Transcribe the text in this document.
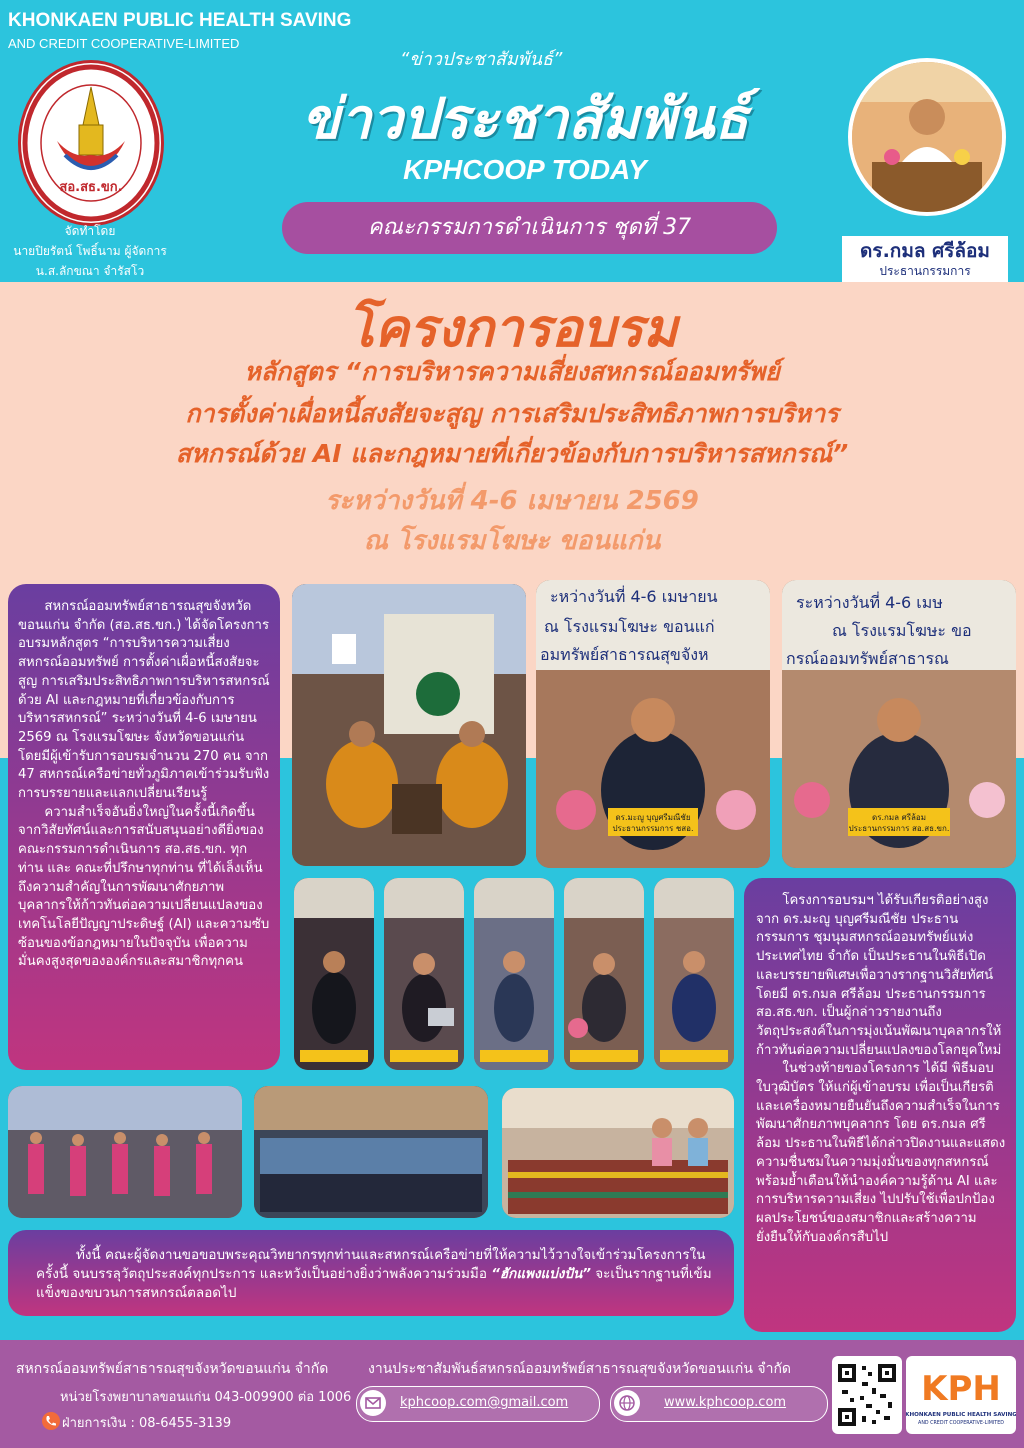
KHONKAEN PUBLIC HEALTH SAVING
AND CREDIT COOPERATIVE-LIMITED
สอ.สธ.ขก.
จัดทำโดย
นายปิยรัตน์ โพธิ์นาม ผู้จัดการ
น.ส.ลักขณา จำรัสโว
“ข่าวประชาสัมพันธ์”
ข่าวประชาสัมพันธ์
KPHCOOP TODAY
คณะกรรมการดำเนินการ ชุดที่ 37
ดร.กมล ศรีล้อม
ประธานกรรมการ
โครงการอบรม
หลักสูตร “การบริหารความเสี่ยงสหกรณ์ออมทรัพย์
การตั้งค่าเผื่อหนี้สงสัยจะสูญ การเสริมประสิทธิภาพการบริหาร
สหกรณ์ด้วย AI และกฎหมายที่เกี่ยวข้องกับการบริหารสหกรณ์”
ระหว่างวันที่ 4-6 เมษายน 2569
ณ โรงแรมโฆษะ ขอนแก่น

สหกรณ์ออมทรัพย์สาธารณสุขจังหวัดขอนแก่น จำกัด (สอ.สธ.ขก.) ได้จัดโครงการอบรมหลักสูตร “การบริหารความเสี่ยงสหกรณ์ออมทรัพย์ การตั้งค่าเผื่อหนี้สงสัยจะสูญ การเสริมประสิทธิภาพการบริหารสหกรณ์ด้วย AI และกฎหมายที่เกี่ยวข้องกับการบริหารสหกรณ์” ระหว่างวันที่ 4-6 เมษายน 2569 ณ โรงแรมโฆษะ จังหวัดขอนแก่น โดยมีผู้เข้ารับการอบรมจำนวน 270 คน จาก 47 สหกรณ์เครือข่ายทั่วภูมิภาคเข้าร่วมรับฟังการบรรยายและแลกเปลี่ยนเรียนรู้

ความสำเร็จอันยิ่งใหญ่ในครั้งนี้เกิดขึ้นจากวิสัยทัศน์และการสนับสนุนอย่างดียิ่งของ คณะกรรมการดำเนินการ สอ.สธ.ขก. ทุกท่าน และ คณะที่ปรึกษาทุกท่าน ที่ได้เล็งเห็นถึงความสำคัญในการพัฒนาศักยภาพบุคลากรให้ก้าวทันต่อความเปลี่ยนแปลงของเทคโนโลยีปัญญาประดิษฐ์ (AI) และความซับซ้อนของข้อกฎหมายในปัจจุบัน เพื่อความมั่นคงสูงสุดขององค์กรและสมาชิกทุกคน

โครงการอบรมฯ ได้รับเกียรติอย่างสูงจาก ดร.มะญู บุญศรีมณีชัย ประธานกรรมการ ชุมนุมสหกรณ์ออมทรัพย์แห่งประเทศไทย จำกัด เป็นประธานในพิธีเปิด และบรรยายพิเศษเพื่อวางรากฐานวิสัยทัศน์ โดยมี ดร.กมล ศรีล้อม ประธานกรรมการ สอ.สธ.ขก. เป็นผู้กล่าวรายงานถึงวัตถุประสงค์ในการมุ่งเน้นพัฒนาบุคลากรให้ก้าวทันต่อความเปลี่ยนแปลงของโลกยุคใหม่

ในช่วงท้ายของโครงการ ได้มี พิธีมอบใบวุฒิบัตร ให้แก่ผู้เข้าอบรม เพื่อเป็นเกียรติและเครื่องหมายยืนยันถึงความสำเร็จในการพัฒนาศักยภาพบุคลากร โดย ดร.กมล ศรีล้อม ประธานในพิธีได้กล่าวปิดงานและแสดงความชื่นชมในความมุ่งมั่นของทุกสหกรณ์ พร้อมย้ำเตือนให้นำองค์ความรู้ด้าน AI และการบริหารความเสี่ยง ไปปรับใช้เพื่อปกป้องผลประโยชน์ของสมาชิกและสร้างความยั่งยืนให้กับองค์กรสืบไป

ะหว่างวันที่ 4-6 เมษายน
ณ โรงแรมโฆษะ ขอนแก่
อมทรัพย์สาธารณสุขจังห
ดร.มะญู บุญศรีมณีชัย
ประธานกรรมการ ชสอ.
ระหว่างวันที่ 4-6 เมษ
ณ โรงแรมโฆษะ ขอ
กรณ์ออมทรัพย์สาธารณ
ดร.กมล ศรีล้อม
ประธานกรรมการ สอ.สธ.ขก.
ทั้งนี้ คณะผู้จัดงานขอขอบพระคุณวิทยากรทุกท่านและสหกรณ์เครือข่ายที่ให้ความไว้วางใจเข้าร่วมโครงการในครั้งนี้ จนบรรลุวัตถุประสงค์ทุกประการ และหวังเป็นอย่างยิ่งว่าพลังความร่วมมือ “ฮักแพงแบ่งปัน” จะเป็นรากฐานที่เข้มแข็งของขบวนการสหกรณ์ตลอดไป
สหกรณ์ออมทรัพย์สาธารณสุขจังหวัดขอนแก่น จำกัด
หน่วยโรงพยาบาลขอนแก่น 043-009900 ต่อ 1006
ฝ่ายการเงิน : 08-6455-3139
งานประชาสัมพันธ์สหกรณ์ออมทรัพย์สาธารณสุขจังหวัดขอนแก่น จำกัด
kphcoop.com@gmail.com	www.kphcoop.com	KPH
KHONKAEN PUBLIC HEALTH SAVING
AND CREDIT COOPERATIVE-LIMITED
